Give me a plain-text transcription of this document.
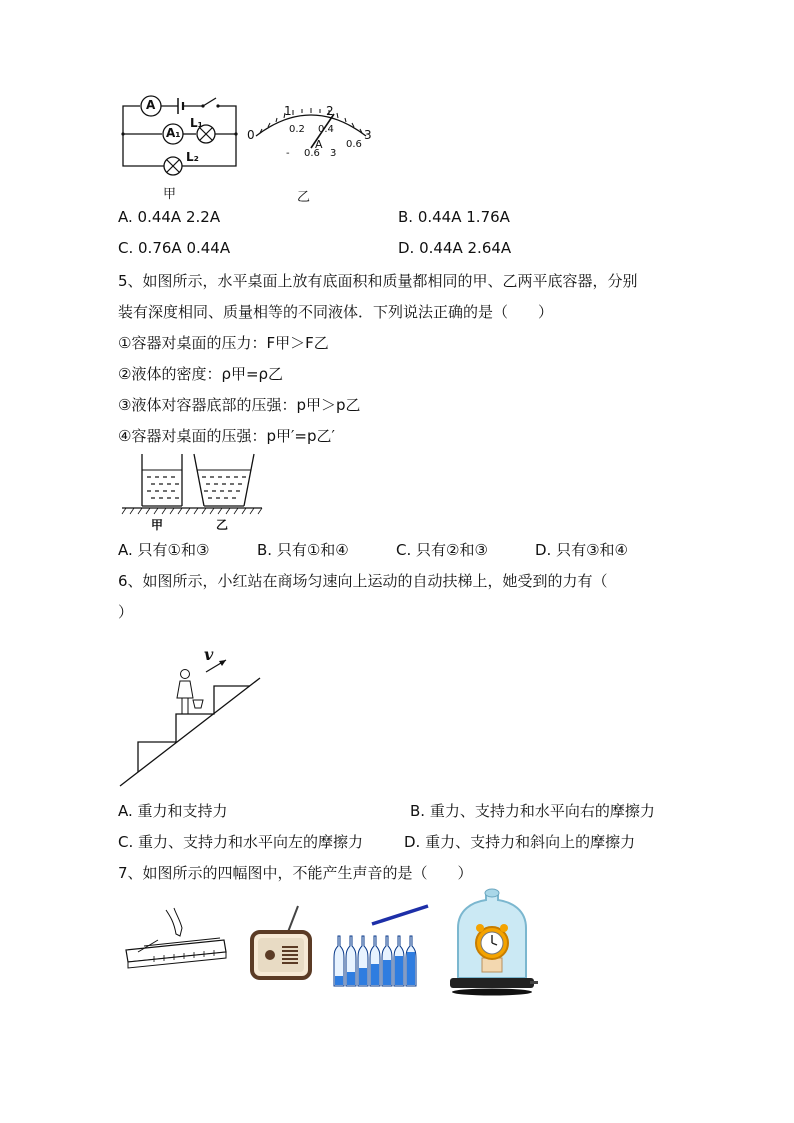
A
A₁
L₁
L₂
0
1	2
3
0.2 0.4
0.6
A
- 0.6 3
甲	乙
A. 0.44A 2.2A	B. 0.44A 1.76A
C. 0.76A 0.44A	D. 0.44A 2.64A
5、如图所示，水平桌面上放有底面积和质量都相同的甲、乙两平底容器，分别
装有深度相同、质量相等的不同液体．下列说法正确的是（　　）
①容器对桌面的压力：F甲＞F乙
②液体的密度：ρ甲=ρ乙
③液体对容器底部的压强：p甲＞p乙
④容器对桌面的压强：p甲′=p乙′
甲	乙
A. 只有①和③	B. 只有①和④	C. 只有②和③	D. 只有③和④
6、如图所示，小红站在商场匀速向上运动的自动扶梯上，她受到的力有（
）
v
A. 重力和支持力	B. 重力、支持力和水平向右的摩擦力
C. 重力、支持力和水平向左的摩擦力	D. 重力、支持力和斜向上的摩擦力
7、如图所示的四幅图中，不能产生声音的是（　　）
